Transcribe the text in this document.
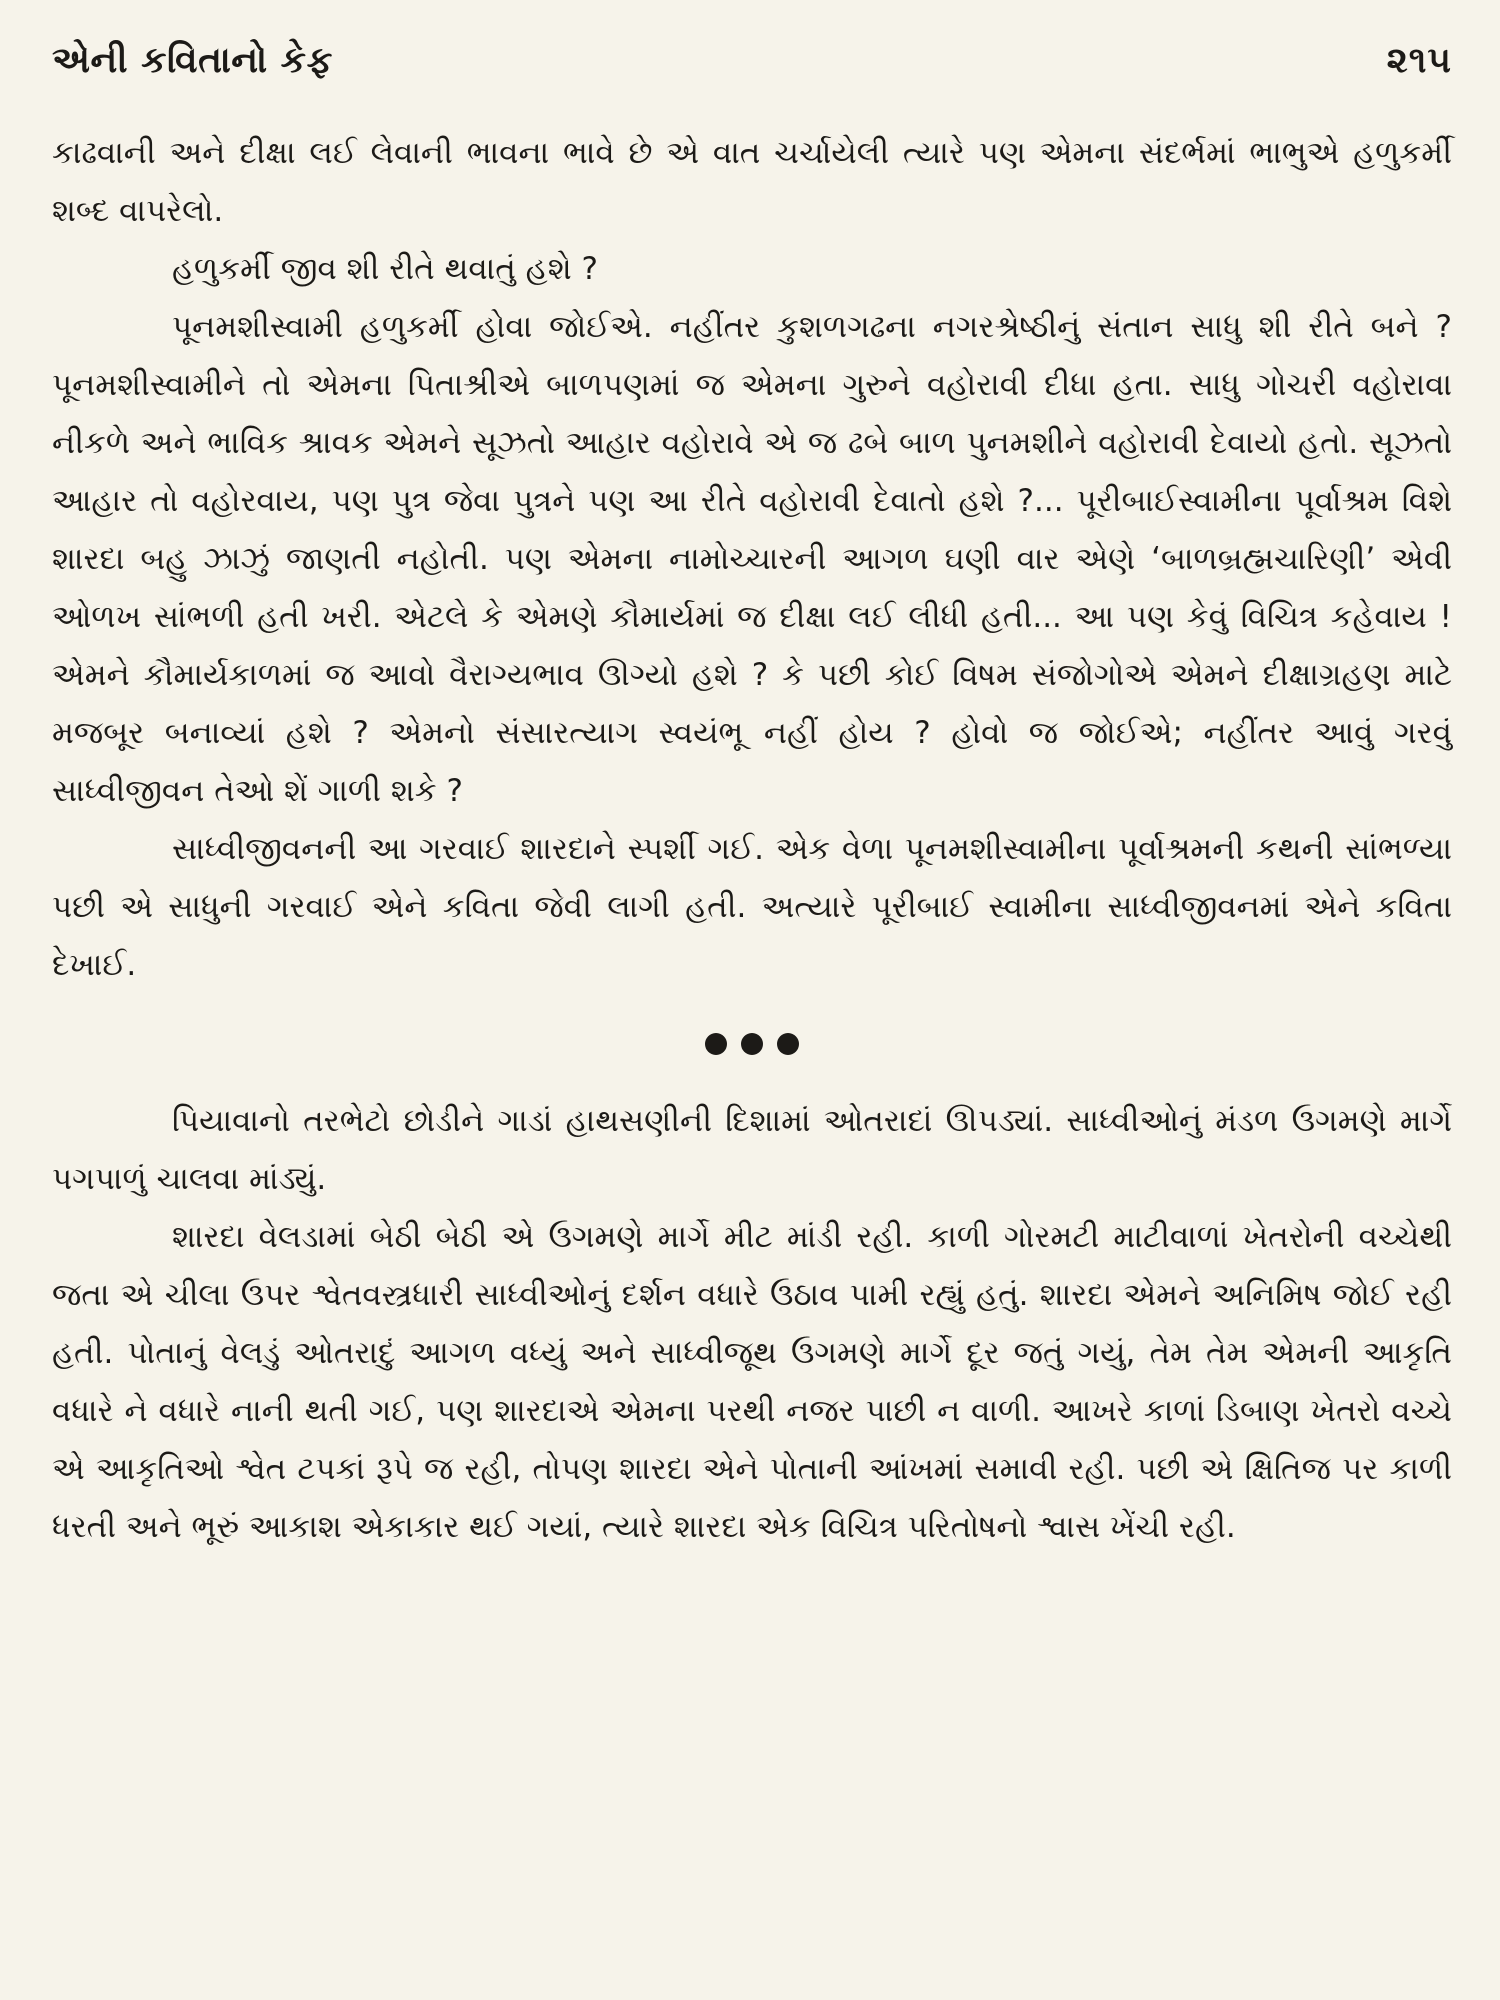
એની કવિતાનો કેફ	૨૧૫

કાઢવાની અને દીક્ષા લઈ લેવાની ભાવના ભાવે છે એ વાત ચર્ચાયેલી ત્યારે પણ એમના સંદર્ભમાં ભાભુએ હળુકર્મી શબ્દ વાપરેલો.

હળુકર્મી જીવ શી રીતે થવાતું હશે ?

પૂનમશીસ્વામી હળુકર્મી હોવા જોઈએ. નહીંતર કુશળગઢના નગરશ્રેષ્ઠીનું સંતાન સાધુ શી રીતે બને ? પૂનમશીસ્વામીને તો એમના પિતાશ્રીએ બાળપણમાં જ એમના ગુરુને વહોરાવી દીધા હતા. સાધુ ગોચરી વહોરાવા નીકળે અને ભાવિક શ્રાવક એમને સૂઝતો આહાર વહોરાવે એ જ ઢબે બાળ પુનમશીને વહોરાવી દેવાયો હતો. સૂઝતો આહાર તો વહોરવાય, પણ પુત્ર જેવા પુત્રને પણ આ રીતે વહોરાવી દેવાતો હશે ?... પૂરીબાઈસ્વામીના પૂર્વાશ્રમ વિશે શારદા બહુ ઝાઝું જાણતી નહોતી. પણ એમના નામોચ્ચારની આગળ ઘણી વાર એણે ‘બાળબ્રહ્મચારિણી’ એવી ઓળખ સાંભળી હતી ખરી. એટલે કે એમણે કૌમાર્યમાં જ દીક્ષા લઈ લીધી હતી... આ પણ કેવું વિચિત્ર કહેવાય ! એમને કૌમાર્યકાળમાં જ આવો વૈરાગ્યભાવ ઊગ્યો હશે ? કે પછી કોઈ વિષમ સંજોગોએ એમને દીક્ષાગ્રહણ માટે મજબૂર બનાવ્યાં હશે ? એમનો સંસારત્યાગ સ્વયંભૂ નહીં હોય ? હોવો જ જોઈએ; નહીંતર આવું ગરવું સાધ્વીજીવન તેઓ શેં ગાળી શકે ?

સાધ્વીજીવનની આ ગરવાઈ શારદાને સ્પર્શી ગઈ. એક વેળા પૂનમશીસ્વામીના પૂર્વાશ્રમની કથની સાંભળ્યા પછી એ સાધુની ગરવાઈ એને કવિતા જેવી લાગી હતી. અત્યારે પૂરીબાઈ સ્વામીના સાધ્વીજીવનમાં એને કવિતા દેખાઈ.

પિયાવાનો તરભેટો છોડીને ગાડાં હાથસણીની દિશામાં ઓતરાદાં ઊપડ્યાં. સાધ્વીઓનું મંડળ ઉગમણે માર્ગે પગપાળું ચાલવા માંડ્યું.

શારદા વેલડામાં બેઠી બેઠી એ ઉગમણે માર્ગે મીટ માંડી રહી. કાળી ગોરમટી માટીવાળાં ખેતરોની વચ્ચેથી જતા એ ચીલા ઉપર શ્વેતવસ્ત્રધારી સાધ્વીઓનું દર્શન વધારે ઉઠાવ પામી રહ્યું હતું. શારદા એમને અનિમિષ જોઈ રહી હતી. પોતાનું વેલડું ઓતરાદું આગળ વધ્યું અને સાધ્વીજૂથ ઉગમણે માર્ગે દૂર જતું ગયું, તેમ તેમ એમની આકૃતિ વધારે ને વધારે નાની થતી ગઈ, પણ શારદાએ એમના પરથી નજર પાછી ન વાળી. આખરે કાળાં ડિબાણ ખેતરો વચ્ચે એ આકૃતિઓ શ્વેત ટપકાં રૂપે જ રહી, તોપણ શારદા એને પોતાની આંખમાં સમાવી રહી. પછી એ ક્ષિતિજ પર કાળી ધરતી અને ભૂરું આકાશ એકાકાર થઈ ગયાં, ત્યારે શારદા એક વિચિત્ર પરિતોષનો શ્વાસ ખેંચી રહી.
